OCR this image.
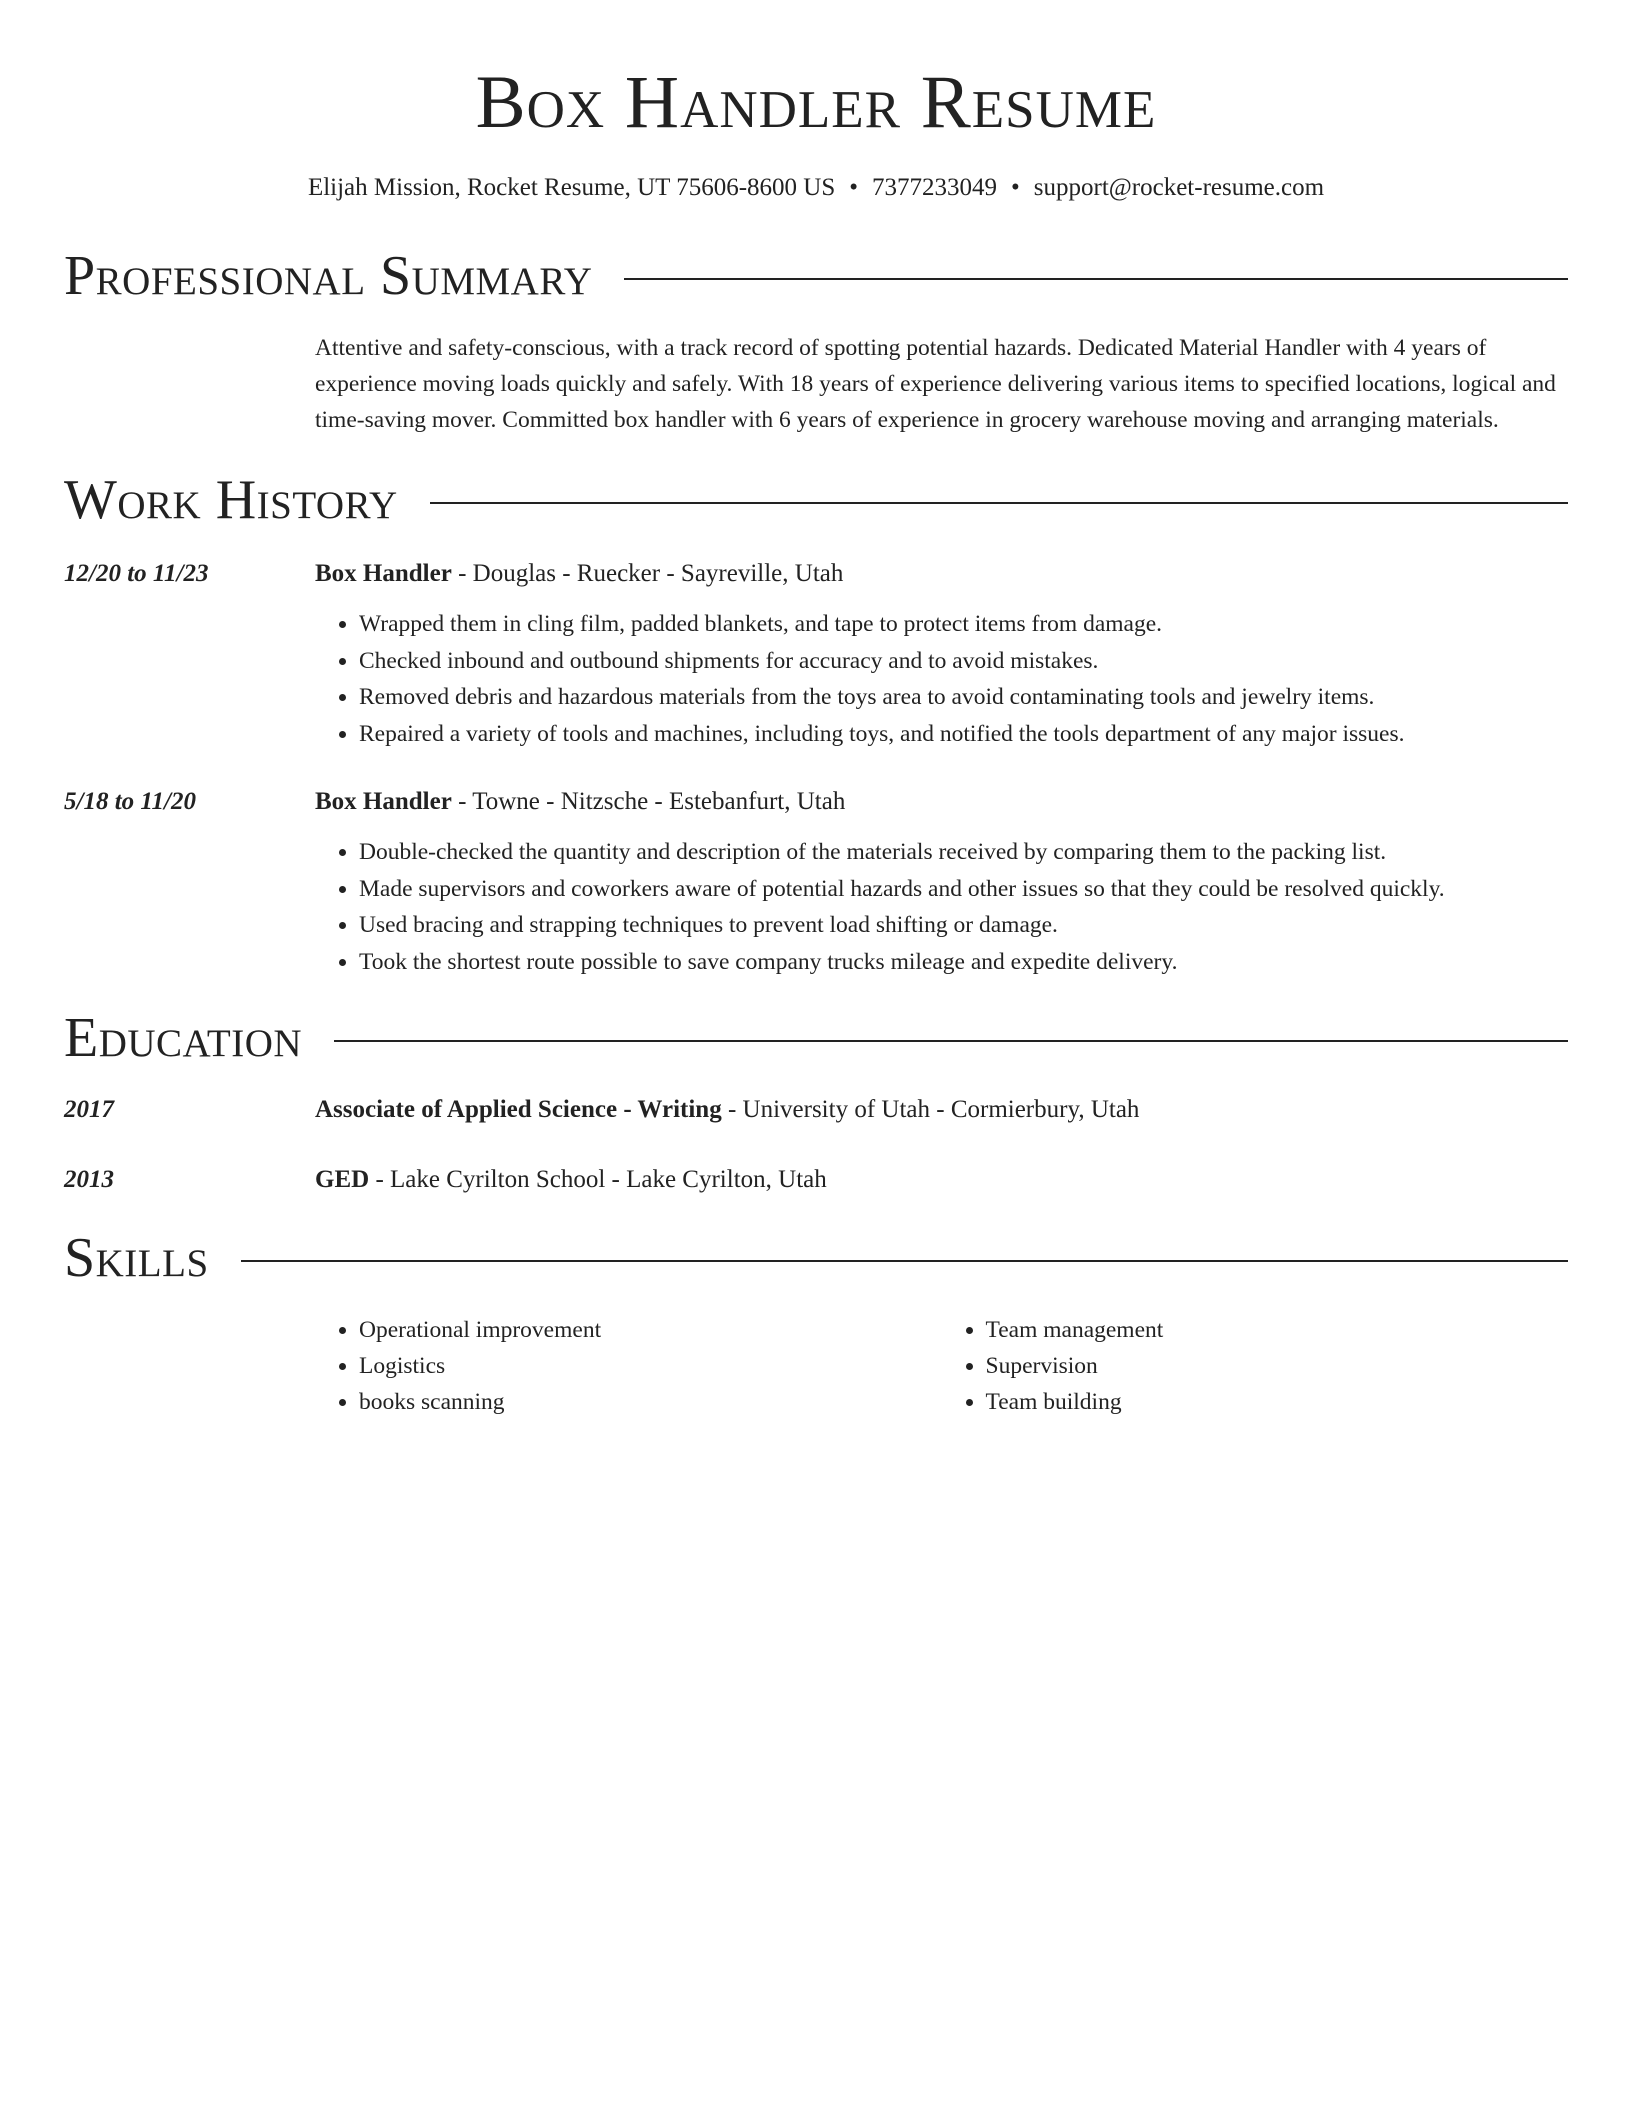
Box Handler Resume
Elijah Mission, Rocket Resume, UT 75606-8600 US • 7377233049 • support@rocket-resume.com
Professional Summary
Attentive and safety-conscious, with a track record of spotting potential hazards. Dedicated Material Handler with 4 years of experience moving loads quickly and safely. With 18 years of experience delivering various items to specified locations, logical and time-saving mover. Committed box handler with 6 years of experience in grocery warehouse moving and arranging materials.
Work History
12/20 to 11/23	Box Handler - Douglas - Ruecker - Sayreville, Utah
• Wrapped them in cling film, padded blankets, and tape to protect items from damage.
• Checked inbound and outbound shipments for accuracy and to avoid mistakes.
• Removed debris and hazardous materials from the toys area to avoid contaminating tools and jewelry items.
• Repaired a variety of tools and machines, including toys, and notified the tools department of any major issues.
5/18 to 11/20	Box Handler - Towne - Nitzsche - Estebanfurt, Utah
• Double-checked the quantity and description of the materials received by comparing them to the packing list.
• Made supervisors and coworkers aware of potential hazards and other issues so that they could be resolved quickly.
• Used bracing and strapping techniques to prevent load shifting or damage.
• Took the shortest route possible to save company trucks mileage and expedite delivery.
Education
2017	Associate of Applied Science - Writing - University of Utah - Cormierbury, Utah
2013	GED - Lake Cyrilton School - Lake Cyrilton, Utah
Skills
• Operational improvement
• Logistics
• books scanning
• Team management
• Supervision
• Team building
